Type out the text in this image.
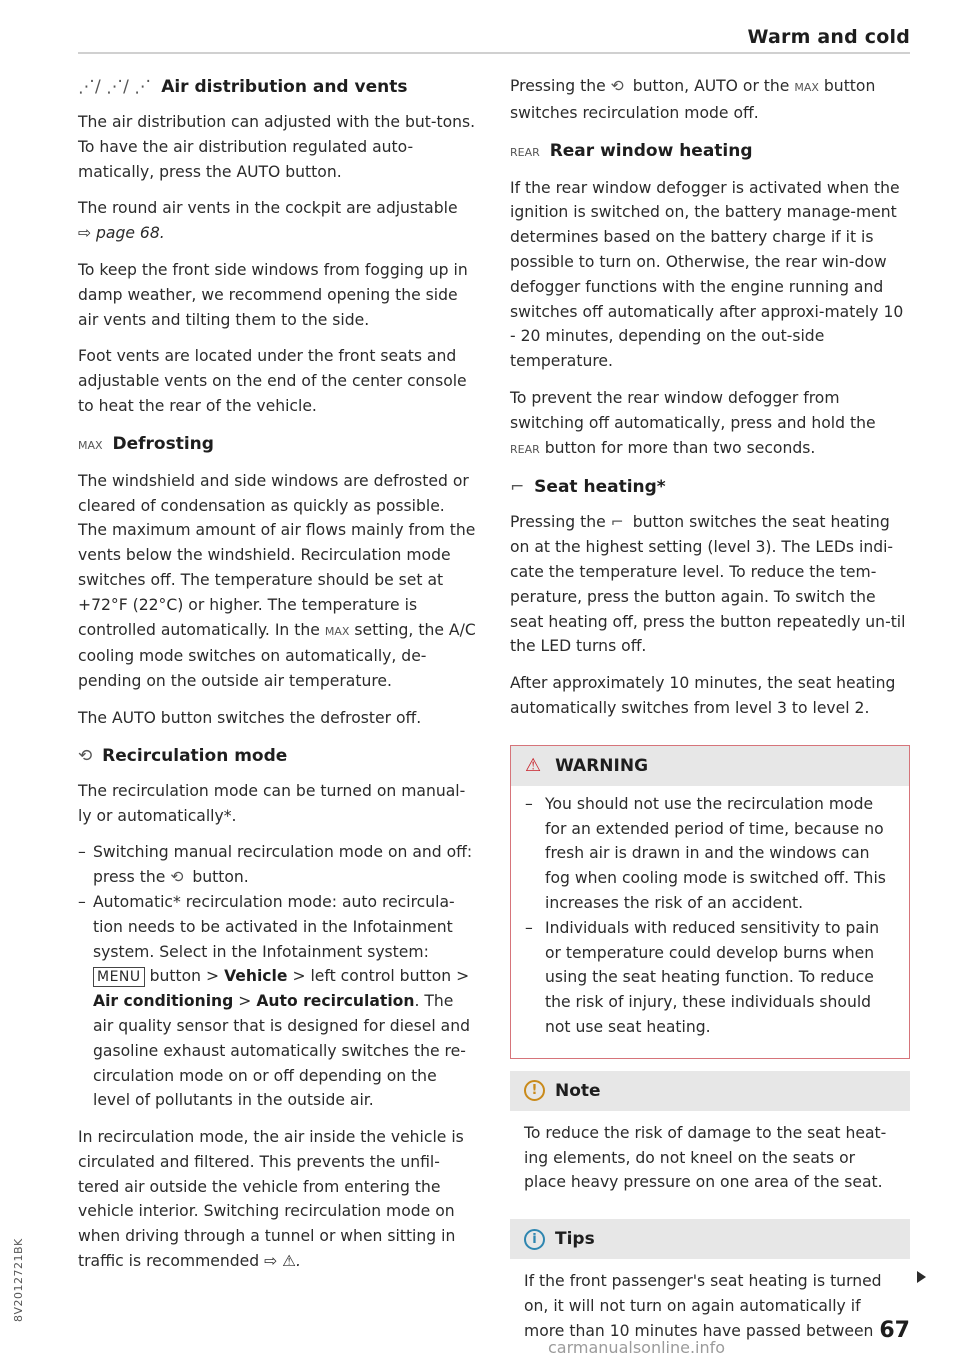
Warm and cold
⋰/ ⋰/ ⋰ Air distribution and vents

The air distribution can adjusted with the but-tons. To have the air distribution regulated auto-matically, press the AUTO button.

The round air vents in the cockpit are adjustable
⇨ page 68.

To keep the front side windows from fogging up in damp weather, we recommend opening the side air vents and tilting them to the side.

Foot vents are located under the front seats and adjustable vents on the end of the center console to heat the rear of the vehicle.

MAX Defrosting

The windshield and side windows are defrosted or cleared of condensation as quickly as possible. The maximum amount of air flows mainly from the vents below the windshield. Recirculation mode switches off. The temperature should be set at +72°F (22°C) or higher. The temperature is controlled automatically. In the MAX setting, the A/C cooling mode switches on automatically, de-pending on the outside air temperature.

The AUTO button switches the defroster off.

⟲ Recirculation mode

The recirculation mode can be turned on manual-ly or automatically*.

– Switching manual recirculation mode on and off: press the ⟲ button.
– Automatic* recirculation mode: auto recircula-tion needs to be activated in the Infotainment system. Select in the Infotainment system: MENU button > Vehicle > left control button > Air conditioning > Auto recirculation. The air quality sensor that is designed for diesel and gasoline exhaust automatically switches the re-circulation mode on or off depending on the level of pollutants in the outside air.

In recirculation mode, the air inside the vehicle is circulated and filtered. This prevents the unfil-tered air outside the vehicle from entering the vehicle interior. Switching recirculation mode on when driving through a tunnel or when sitting in traffic is recommended ⇨ ⚠.

Pressing the ⟲ button, AUTO or the MAX button switches recirculation mode off.

REAR Rear window heating

If the rear window defogger is activated when the ignition is switched on, the battery manage-ment determines based on the battery charge if it is possible to turn on. Otherwise, the rear win-dow defogger functions with the engine running and switches off automatically after approxi-mately 10 - 20 minutes, depending on the out-side temperature.

To prevent the rear window defogger from switching off automatically, press and hold the REAR button for more than two seconds.

⌐ Seat heating*

Pressing the ⌐ button switches the seat heating on at the highest setting (level 3). The LEDs indi-cate the temperature level. To reduce the tem-perature, press the button again. To switch the seat heating off, press the button repeatedly un-til the LED turns off.

After approximately 10 minutes, the seat heating automatically switches from level 3 to level 2.

⚠ WARNING
– You should not use the recirculation mode for an extended period of time, because no fresh air is drawn in and the windows can fog when cooling mode is switched off. This increases the risk of an accident.
– Individuals with reduced sensitivity to pain or temperature could develop burns when using the seat heating function. To reduce the risk of injury, these individuals should not use seat heating.
!	Note

To reduce the risk of damage to the seat heat-ing elements, do not kneel on the seats or place heavy pressure on one area of the seat.

i	Tips

If the front passenger's seat heating is turned on, it will not turn on again automatically if more than 10 minutes have passed between 67
8V2012721BK
carmanualsonline.info
